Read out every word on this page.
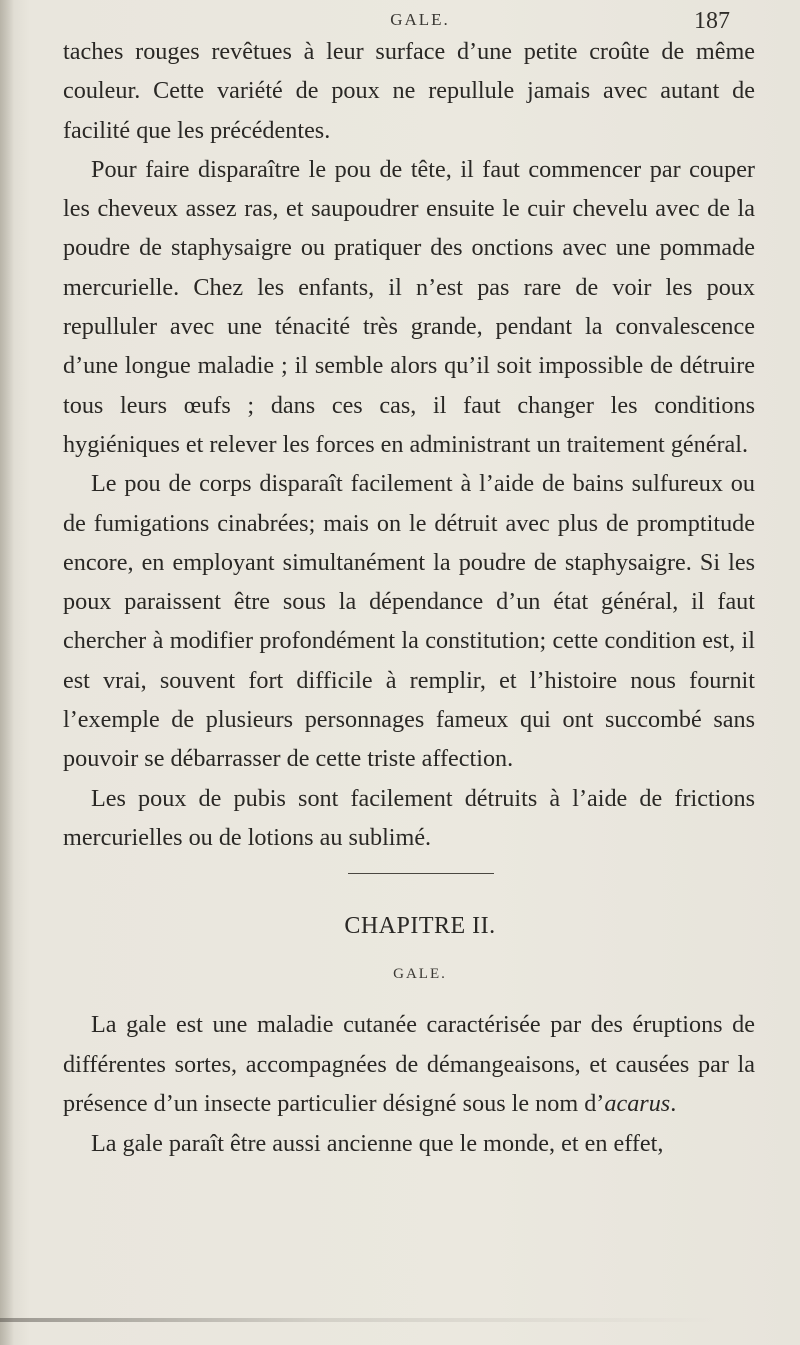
GALE.	187

taches rouges revêtues à leur surface d’une petite croûte de même couleur. Cette variété de poux ne repullule jamais avec autant de facilité que les précédentes.

Pour faire disparaître le pou de tête, il faut commencer par couper les cheveux assez ras, et saupoudrer ensuite le cuir chevelu avec de la poudre de staphysaigre ou pratiquer des onctions avec une pommade mercurielle. Chez les enfants, il n’est pas rare de voir les poux repulluler avec une ténacité très grande, pendant la convalescence d’une longue maladie ; il semble alors qu’il soit impossible de détruire tous leurs œufs ; dans ces cas, il faut changer les conditions hygiéniques et relever les forces en administrant un traitement général.

Le pou de corps disparaît facilement à l’aide de bains sulfureux ou de fumigations cinabrées; mais on le détruit avec plus de promptitude encore, en employant simultanément la poudre de staphysaigre. Si les poux paraissent être sous la dépendance d’un état général, il faut chercher à modifier profondément la constitution; cette condition est, il est vrai, souvent fort difficile à remplir, et l’histoire nous fournit l’exemple de plusieurs personnages fameux qui ont succombé sans pouvoir se débarrasser de cette triste affection.

Les poux de pubis sont facilement détruits à l’aide de frictions mercurielles ou de lotions au sublimé.

CHAPITRE II.
GALE.

La gale est une maladie cutanée caractérisée par des éruptions de différentes sortes, accompagnées de démangeaisons, et causées par la présence d’un insecte particulier désigné sous le nom d’acarus.

La gale paraît être aussi ancienne que le monde, et en effet,
